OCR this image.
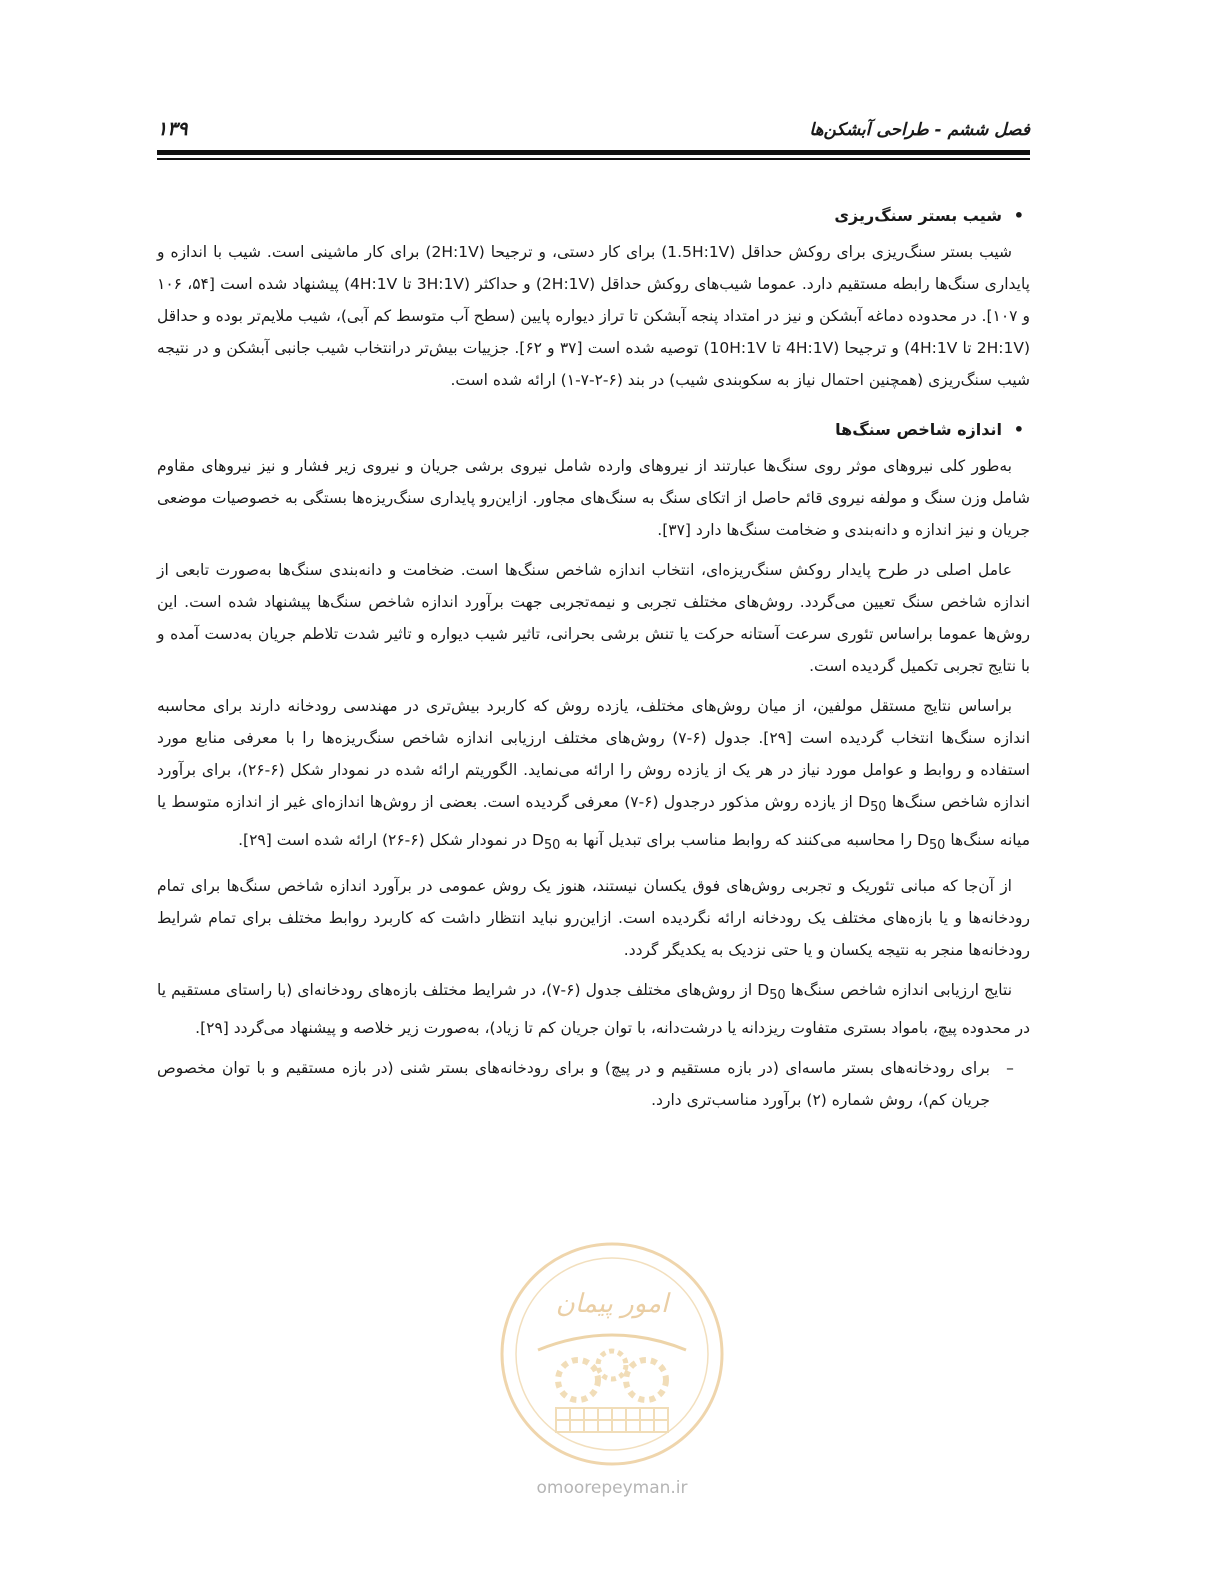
فصل ششم - طراحی آبشکن‌ها
۱۳۹
•شیب بستر سنگ‌ریزی

شیب بستر سنگ‌ریزی برای روکش حداقل (1.5H:1V) برای کار دستی، و ترجیحا (2H:1V) برای کار ماشینی است. شیب با اندازه و پایداری سنگ‌ها رابطه مستقیم دارد. عموما شیب‌های روکش حداقل (2H:1V) و حداکثر (3H:1V تا 4H:1V) پیشنهاد شده است [۵۴، ۱۰۶ و ۱۰۷]. در محدوده دماغه آبشکن و نیز در امتداد پنجه آبشکن تا تراز دیواره پایین (سطح آب متوسط کم آبی)، شیب ملایم‌تر بوده و حداقل (2H:1V تا 4H:1V) و ترجیحا (4H:1V تا 10H:1V) توصیه شده است [۳۷ و ۶۲]. جزییات بیش‌تر درانتخاب شیب جانبی آبشکن و در نتیجه شیب سنگ‌ریزی (همچنین احتمال نیاز به سکوبندی شیب) در بند (۶-۲-۷-۱) ارائه شده است.

•اندازه شاخص سنگ‌ها

به‌طور کلی نیروهای موثر روی سنگ‌ها عبارتند از نیروهای وارده شامل نیروی برشی جریان و نیروی زیر فشار و نیز نیروهای مقاوم شامل وزن سنگ و مولفه نیروی قائم حاصل از اتکای سنگ به سنگ‌های مجاور. ازاین‌رو پایداری سنگ‌ریزه‌ها بستگی به خصوصیات موضعی جریان و نیز اندازه و دانه‌بندی و ضخامت سنگ‌ها دارد [۳۷].

عامل اصلی در طرح پایدار روکش سنگ‌ریزه‌ای، انتخاب اندازه شاخص سنگ‌ها است. ضخامت و دانه‌بندی سنگ‌ها به‌صورت تابعی از اندازه شاخص سنگ تعیین می‌گردد. روش‌های مختلف تجربی و نیمه‌تجربی جهت برآورد اندازه شاخص سنگ‌ها پیشنهاد شده است. این روش‌ها عموما براساس تئوری سرعت آستانه حرکت یا تنش برشی بحرانی، تاثیر شیب دیواره و تاثیر شدت تلاطم جریان به‌دست آمده و با نتایج تجربی تکمیل گردیده است.

براساس نتایج مستقل مولفین، از میان روش‌های مختلف، یازده روش که کاربرد بیش‌تری در مهندسی رودخانه دارند برای محاسبه اندازه سنگ‌ها انتخاب گردیده است [۲۹]. جدول (۶-۷) روش‌های مختلف ارزیابی اندازه شاخص سنگ‌ریزه‌ها را با معرفی منابع مورد استفاده و روابط و عوامل مورد نیاز در هر یک از یازده روش را ارائه می‌نماید. الگوریتم ارائه شده در نمودار شکل (۶-۲۶)، برای برآورد اندازه شاخص سنگ‌ها $D_{50}$ از یازده روش مذکور درجدول (۶-۷) معرفی گردیده است. بعضی از روش‌ها اندازه‌ای غیر از اندازه متوسط یا میانه سنگ‌ها $D_{50}$ را محاسبه می‌کنند که روابط مناسب برای تبدیل آنها به $D_{50}$ در نمودار شکل (۶-۲۶) ارائه شده است [۲۹].

از آن‌جا که مبانی تئوریک و تجربی روش‌های فوق یکسان نیستند، هنوز یک روش عمومی در برآورد اندازه شاخص سنگ‌ها برای تمام رودخانه‌ها و یا بازه‌های مختلف یک رودخانه ارائه نگردیده است. ازاین‌رو نباید انتظار داشت که کاربرد روابط مختلف برای تمام شرایط رودخانه‌ها منجر به نتیجه یکسان و یا حتی نزدیک به یکدیگر گردد.

نتایج ارزیابی اندازه شاخص سنگ‌ها $D_{50}$ از روش‌های مختلف جدول (۶-۷)، در شرایط مختلف بازه‌های رودخانه‌ای (با راستای مستقیم یا در محدوده پیچ، بامواد بستری متفاوت ریزدانه یا درشت‌دانه، با توان جریان کم تا زیاد)، به‌صورت زیر خلاصه و پیشنهاد می‌گردد [۲۹].

–
برای رودخانه‌های بستر ماسه‌ای (در بازه مستقیم و در پیچ) و برای رودخانه‌های بستر شنی (در بازه مستقیم و با توان مخصوص جریان کم)، روش شماره (۲) برآورد مناسب‌تری دارد.
امور پیمان
omoorepeyman.ir
